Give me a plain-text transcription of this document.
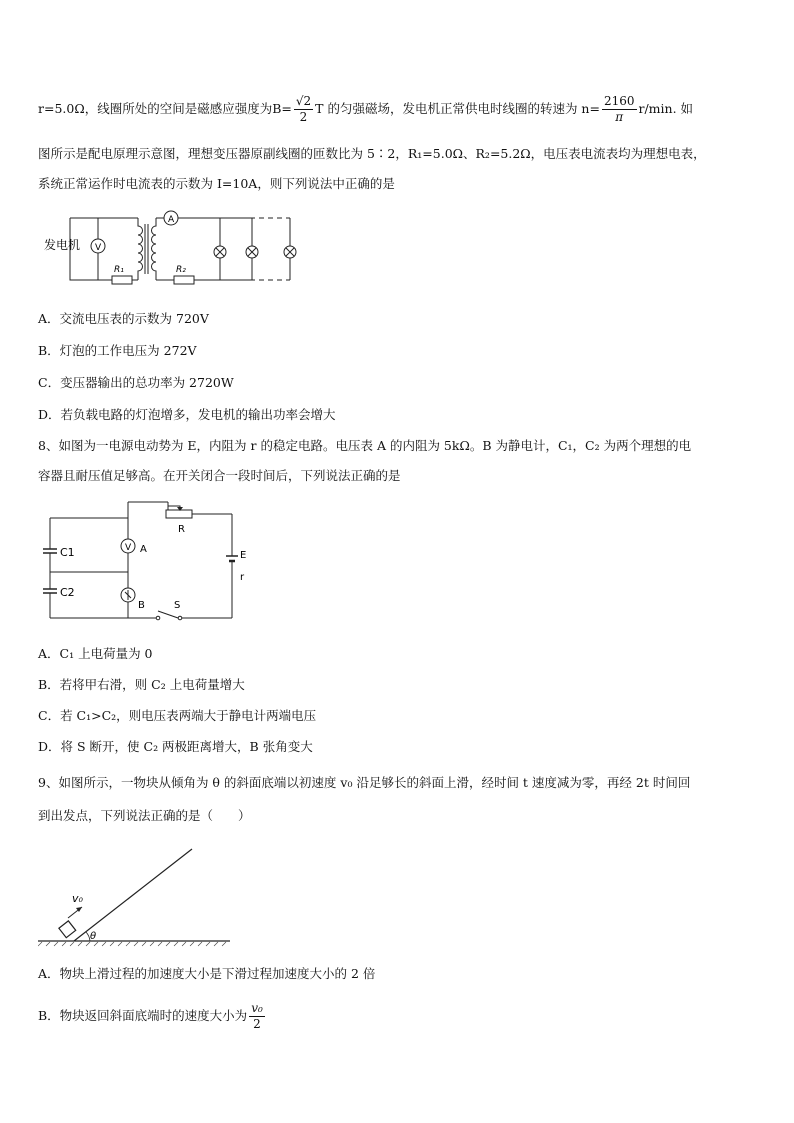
r=5.0Ω，线圈所处的空间是磁感应强度为$B= \frac{√2}{2}$ T 的匀强磁场，发电机正常供电时线圈的转速为 $n= \frac{2160}{\pi} r/\min$. 如
图所示是配电原理示意图，理想变压器原副线圈的匝数比为 5∶2，R₁=5.0Ω、R₂=5.2Ω，电压表电流表均为理想电表，
系统正常运作时电流表的示数为 I=10A，则下列说法中正确的是
发电机
R₁
V
A
R₂
A．交流电压表的示数为 720V
B．灯泡的工作电压为 272V
C．变压器输出的总功率为 2720W
D．若负载电路的灯泡增多，发电机的输出功率会增大
8、如图为一电源电动势为 E，内阻为 r 的稳定电路。电压表 A 的内阻为 5kΩ。B 为静电计，C₁，C₂ 为两个理想的电
容器且耐压值足够高。在开关闭合一段时间后，下列说法正确的是
R
E
r
S
C1
C2
V A
B
A．C₁ 上电荷量为 0
B．若将甲右滑，则 C₂ 上电荷量增大
C．若 C₁>C₂，则电压表两端大于静电计两端电压
D．将 S 断开，使 C₂ 两极距离增大，B 张角变大
9、如图所示，一物块从倾角为 θ 的斜面底端以初速度 v₀ 沿足够长的斜面上滑，经时间 t 速度减为零，再经 2t 时间回
到出发点，下列说法正确的是（　　）
v₀
θ
A．物块上滑过程的加速度大小是下滑过程加速度大小的 2 倍
B．物块返回斜面底端时的速度大小为 $\frac{\text{v₀}}{2}$
